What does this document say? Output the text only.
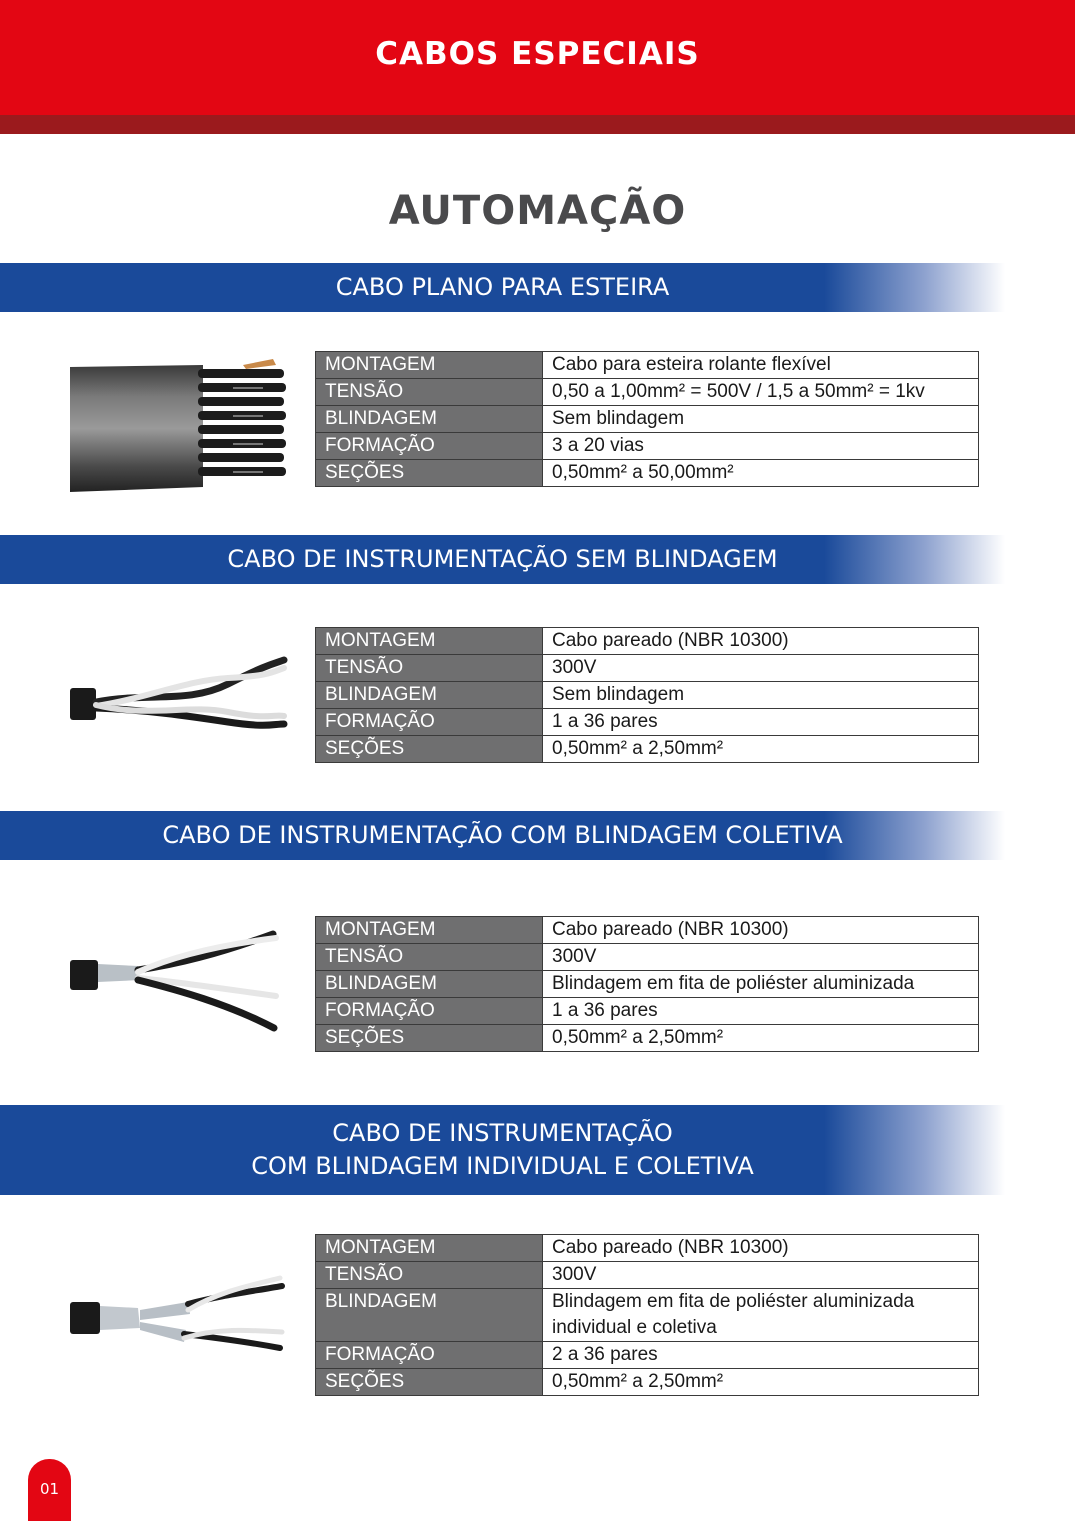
CABOS ESPECIAIS
AUTOMAÇÃO
CABO PLANO PARA ESTEIRA
MONTAGEM	Cabo para esteira rolante flexível
TENSÃO	0,50 a 1,00mm² = 500V / 1,5 a 50mm² = 1kv
BLINDAGEM	Sem blindagem
FORMAÇÃO	3 a 20 vias
SEÇÕES	0,50mm² a 50,00mm²
CABO DE INSTRUMENTAÇÃO SEM BLINDAGEM
MONTAGEM	Cabo pareado (NBR 10300)
TENSÃO	300V
BLINDAGEM	Sem blindagem
FORMAÇÃO	1 a 36 pares
SEÇÕES	0,50mm² a 2,50mm²
CABO DE INSTRUMENTAÇÃO COM BLINDAGEM COLETIVA
MONTAGEM	Cabo pareado (NBR 10300)
TENSÃO	300V
BLINDAGEM	Blindagem em fita de poliéster aluminizada
FORMAÇÃO	1 a 36 pares
SEÇÕES	0,50mm² a 2,50mm²
CABO DE INSTRUMENTAÇÃO
COM BLINDAGEM INDIVIDUAL E COLETIVA
MONTAGEM	Cabo pareado (NBR 10300)
TENSÃO	300V
BLINDAGEM	Blindagem em fita de poliéster aluminizada
individual e coletiva

FORMAÇÃO	2 a 36 pares
SEÇÕES	0,50mm² a 2,50mm²
01
